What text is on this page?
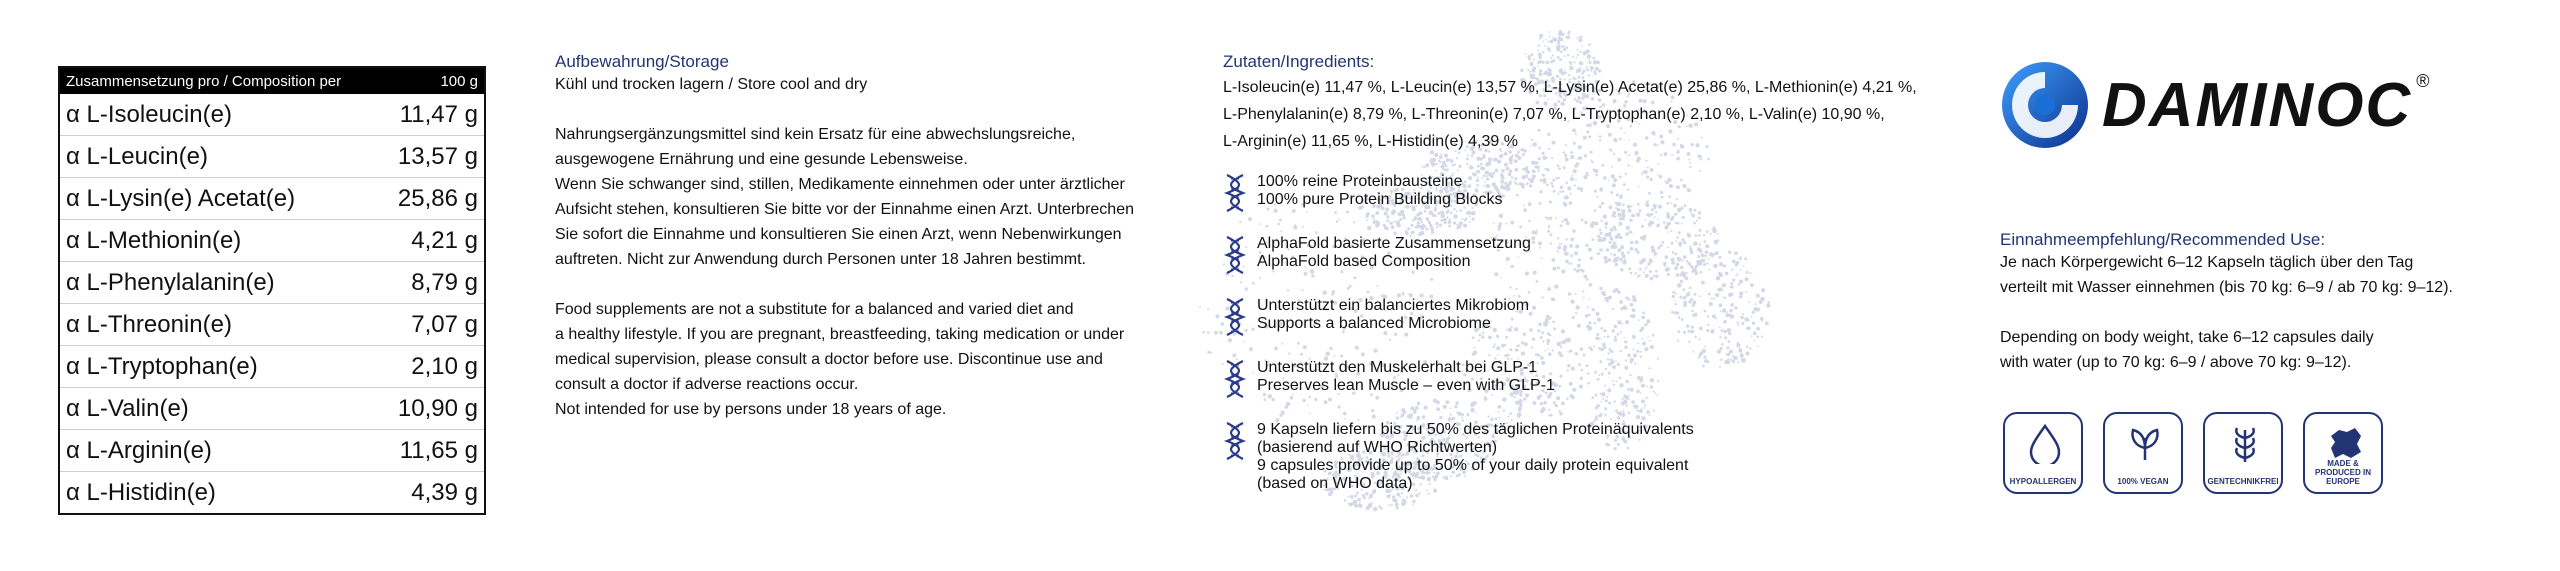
Zusammensetzung pro / Composition per	100 g
α L-Isoleucin(e)	11,47 g
α L-Leucin(e)	13,57 g
α L-Lysin(e) Acetat(e)	25,86 g
α L-Methionin(e)	4,21 g
α L-Phenylalanin(e)	8,79 g
α L-Threonin(e)	7,07 g
α L-Tryptophan(e)	2,10 g
α L-Valin(e)	10,90 g
α L-Arginin(e)	11,65 g
α L-Histidin(e)	4,39 g
Aufbewahrung/Storage
Kühl und trocken lagern / Store cool and dry
Nahrungsergänzungsmittel sind kein Ersatz für eine abwechslungsreiche,
ausgewogene Ernährung und eine gesunde Lebensweise.
Wenn Sie schwanger sind, stillen, Medikamente einnehmen oder unter ärztlicher
Aufsicht stehen, konsultieren Sie bitte vor der Einnahme einen Arzt. Unterbrechen
Sie sofort die Einnahme und konsultieren Sie einen Arzt, wenn Nebenwirkungen
auftreten. Nicht zur Anwendung durch Personen unter 18 Jahren bestimmt.
Food supplements are not a substitute for a balanced and varied diet and
a healthy lifestyle. If you are pregnant, breastfeeding, taking medication or under
medical supervision, please consult a doctor before use. Discontinue use and
consult a doctor if adverse reactions occur.
Not intended for use by persons under 18 years of age.
Zutaten/Ingredients:
L-Isoleucin(e) 11,47 %, L-Leucin(e) 13,57 %, L-Lysin(e) Acetat(e) 25,86 %, L-Methionin(e) 4,21 %,
L-Phenylalanin(e) 8,79 %, L-Threonin(e) 7,07 %, L-Tryptophan(e) 2,10 %, L-Valin(e) 10,90 %,
L-Arginin(e) 11,65 %, L-Histidin(e) 4,39 %
100% reine Proteinbausteine
100% pure Protein Building Blocks
AlphaFold basierte Zusammensetzung
AlphaFold based Composition
Unterstützt ein balanciertes Mikrobiom
Supports a balanced Microbiome
Unterstützt den Muskelerhalt bei GLP-1
Preserves lean Muscle – even with GLP-1
9 Kapseln liefern bis zu 50% des täglichen Proteinäquivalents
(basierend auf WHO Richtwerten)
9 capsules provide up to 50% of your daily protein equivalent
(based on WHO data)
DAMINOC ®
Einnahmeempfehlung/Recommended Use:
Je nach Körpergewicht 6–12 Kapseln täglich über den Tag
verteilt mit Wasser einnehmen (bis 70 kg: 6–9 / ab 70 kg: 9–12).
Depending on body weight, take 6–12 capsules daily
with water (up to 70 kg: 6–9 / above 70 kg: 9–12).
HYPOALLERGEN	100% VEGAN	GENTECHNIKFREI
MADE & PRODUCED IN EUROPE
